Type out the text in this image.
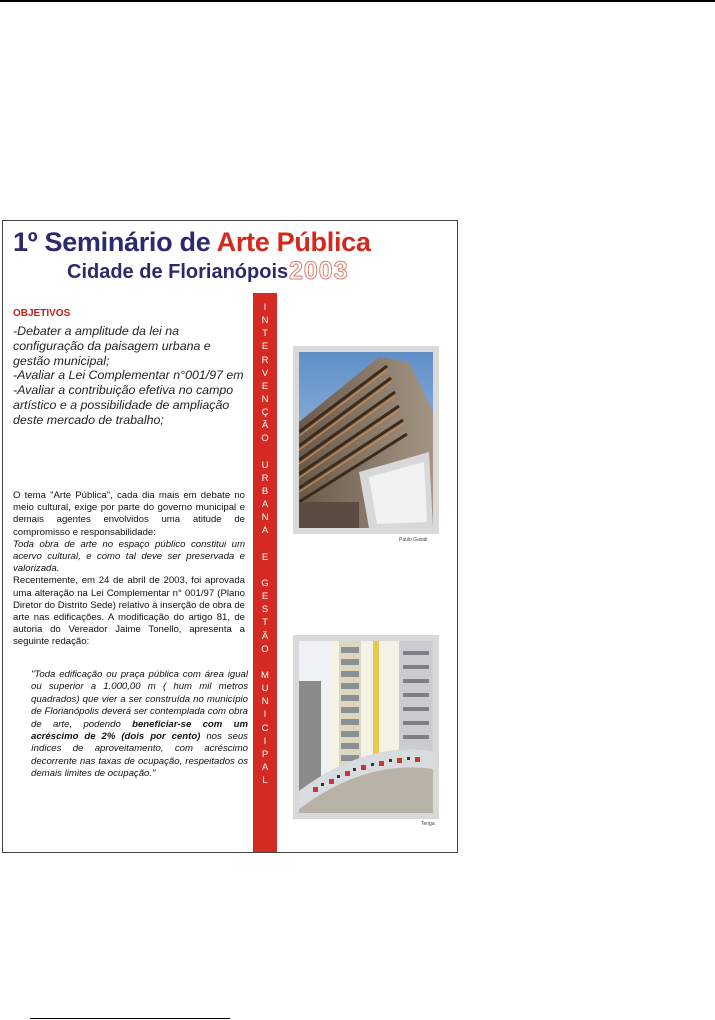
1º Seminário de Arte Pública
Cidade de Florianópois 2003
OBJETIVOS
-Debater a amplitude da lei na configuração da paisagem urbana e gestão municipal;
-Avaliar a Lei Complementar n°001/97 em
-Avaliar a contribuição efetiva no campo artístico e a possibilidade de ampliação deste mercado de trabalho;

O tema "Arte Pública", cada dia mais em debate no meio cultural, exige por parte do governo municipal e demais agentes envolvidos uma atitude de compromisso e responsabilidade:

Toda obra de arte no espaço público constitui um acervo cultural, e como tal deve ser preservada e valorizada.

Recentemente, em 24 de abril de 2003, foi aprovada uma alteração na Lei Complementar n° 001/97 (Plano Diretor do Distrito Sede) relativo à inserção de obra de arte nas edificações. A modificação do artigo 81, de autoria do Vereador Jaime Tonello, apresenta a seguinte redação:

"Toda edificação ou praça pública com área igual ou superior a 1.000,00 m ( hum mil metros quadrados) que vier a ser construída no município de Florianópolis deverá ser contemplada com obra de arte, podendo beneficiar-se com um acréscimo de 2% (dois por cento) nos seus índices de aproveitamento, com acréscimo decorrente nas taxas de ocupação, respeitados os demais limites de ocupação."
I
N
T
E
R
V
E
N
Ç
Ã
O
U
R
B
A
N
A
E
G
E
S
T
Ã
O
M
U
N
I
C
I
P
A
L
Paulo Gasali
Tenga
